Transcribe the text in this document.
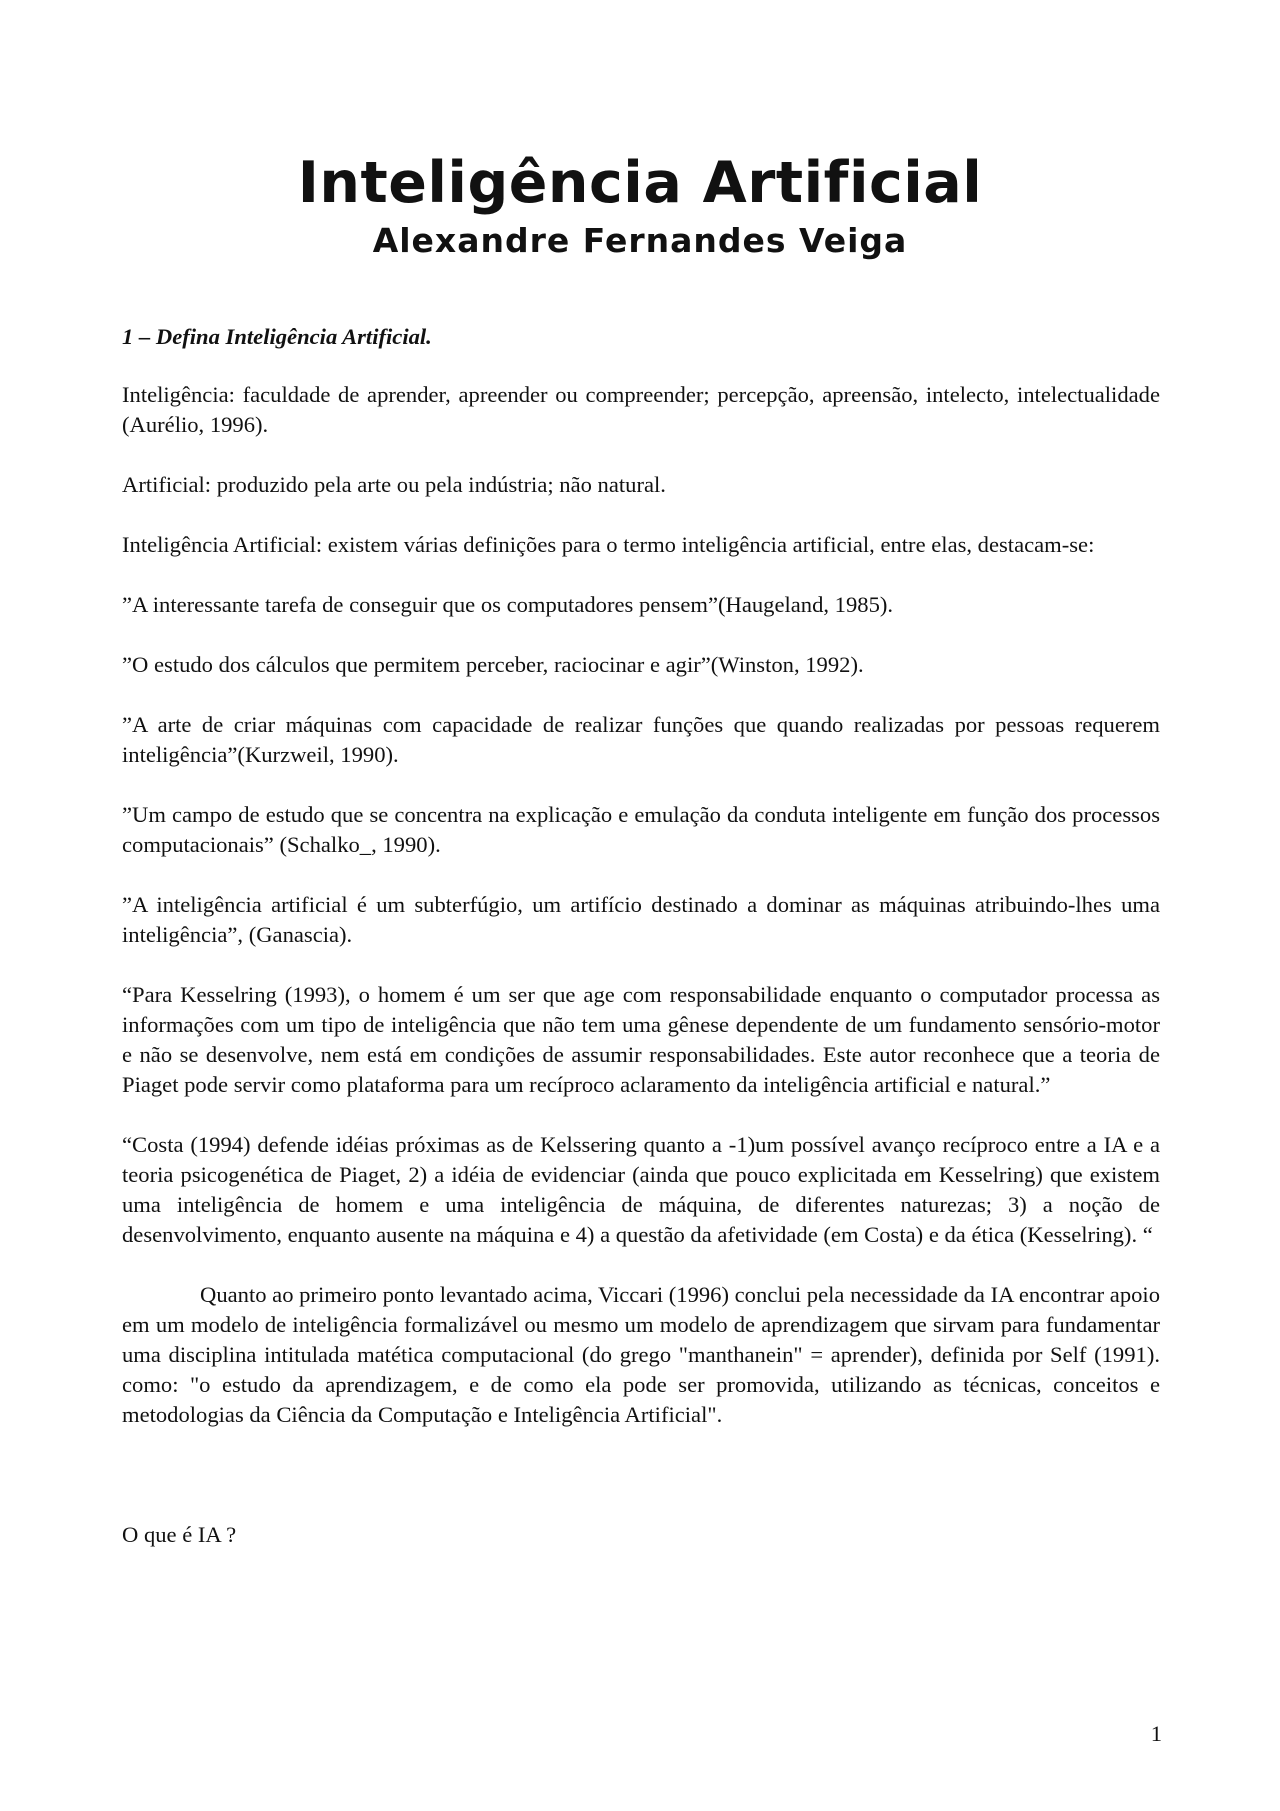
Inteligência Artificial
Alexandre Fernandes Veiga

1 – Defina Inteligência Artificial.

Inteligência: faculdade de aprender, apreender ou compreender; percepção, apreensão, intelecto, intelectualidade (Aurélio, 1996).

Artificial: produzido pela arte ou pela indústria; não natural.

Inteligência Artificial: existem várias definições para o termo inteligência artificial, entre elas, destacam-se:

”A interessante tarefa de conseguir que os computadores pensem”(Haugeland, 1985).

”O estudo dos cálculos que permitem perceber, raciocinar e agir”(Winston, 1992).

”A arte de criar máquinas com capacidade de realizar funções que quando realizadas por pessoas requerem inteligência”(Kurzweil, 1990).

”Um campo de estudo que se concentra na explicação e emulação da conduta inteligente em função dos processos computacionais” (Schalko_, 1990).

”A inteligência artificial é um subterfúgio, um artifício destinado a dominar as máquinas atribuindo-lhes uma inteligência”, (Ganascia).

“Para Kesselring (1993), o homem é um ser que age com responsabilidade enquanto o computador processa as informações com um tipo de inteligência que não tem uma gênese dependente de um fundamento sensório-motor e não se desenvolve, nem está em condições de assumir responsabilidades. Este autor reconhece que a teoria de Piaget pode servir como plataforma para um recíproco aclaramento da inteligência artificial e natural.”

“Costa (1994) defende idéias próximas as de Kelssering quanto a -1)um possível avanço recíproco entre a IA e a teoria psicogenética de Piaget, 2) a idéia de evidenciar (ainda que pouco explicitada em Kesselring) que existem uma inteligência de homem e uma inteligência de máquina, de diferentes naturezas; 3) a noção de desenvolvimento, enquanto ausente na máquina e 4) a questão da afetividade (em Costa) e da ética (Kesselring). “

Quanto ao primeiro ponto levantado acima, Viccari (1996) conclui pela necessidade da IA encontrar apoio em um modelo de inteligência formalizável ou mesmo um modelo de aprendizagem que sirvam para fundamentar uma disciplina intitulada matética computacional (do grego "manthanein" = aprender), definida por Self (1991). como: "o estudo da aprendizagem, e de como ela pode ser promovida, utilizando as técnicas, conceitos e metodologias da Ciência da Computação e Inteligência Artificial".

O que é IA ?

1
